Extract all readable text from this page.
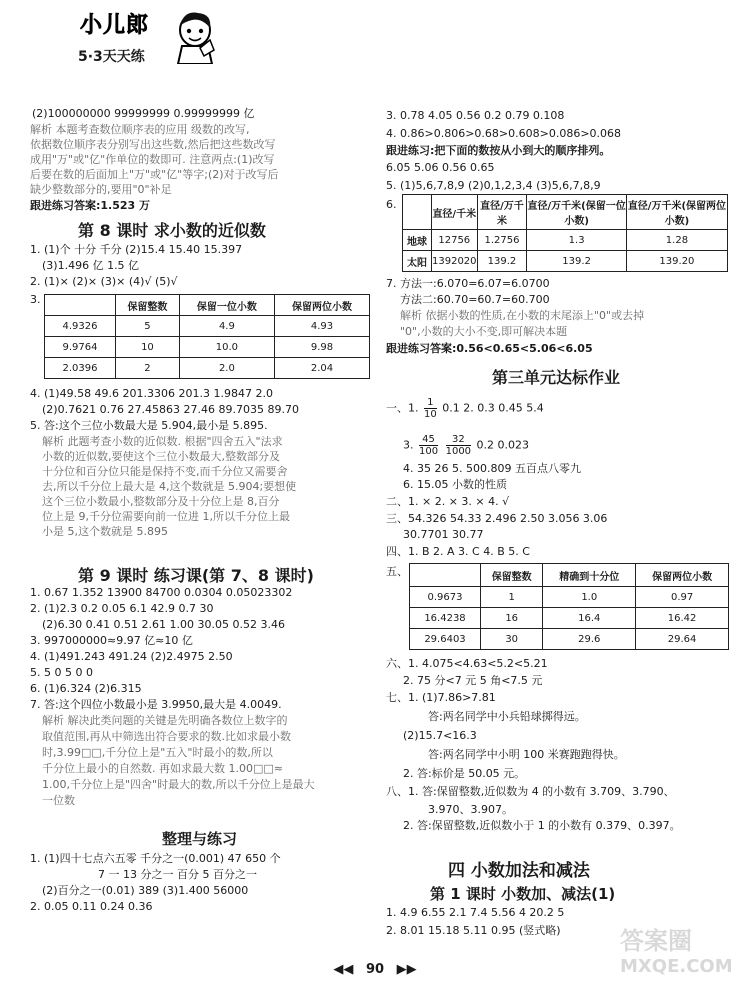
小儿郎
5·3天天练
(2)100000000 99999999 0.99999999 亿
解析 本题考查数位顺序表的应用 级数的改写,
依据数位顺序表分别写出这些数,然后把这些数改写
成用"万"或"亿"作单位的数即可. 注意两点:(1)改写
后要在数的后面加上"万"或"亿"等字;(2)对于改写后
缺少整数部分的,要用"0"补足
跟进练习答案:1.523 万
第 8 课时 求小数的近似数
1. (1)个 十分 千分 (2)15.4 15.40 15.397
(3)1.496 亿 1.5 亿
2. (1)× (2)× (3)× (4)√ (5)√
3.
	保留整数	保留一位小数	保留两位小数
4.9326	5	4.9	4.93
9.9764	10	10.0	9.98
2.0396	2	2.0	2.04
4. (1)49.58 49.6 201.3306 201.3 1.9847 2.0
(2)0.7621 0.76 27.45863 27.46 89.7035 89.70
5. 答:这个三位小数最大是 5.904,最小是 5.895.
解析 此题考查小数的近似数. 根据"四舍五入"法求
小数的近似数,要使这个三位小数最大,整数部分及
十分位和百分位只能是保持不变,而千分位又需要舍
去,所以千分位上最大是 4,这个数就是 5.904;要想使
这个三位小数最小,整数部分及十分位上是 8,百分
位上是 9,千分位需要向前一位进 1,所以千分位上最
小是 5,这个数就是 5.895
第 9 课时 练习课(第 7、8 课时)
1. 0.67 1.352 13900 84700 0.0304 0.05023302
2. (1)2.3 0.2 0.05 6.1 42.9 0.7 30
(2)6.30 0.41 0.51 2.61 1.00 30.05 0.52 3.46
3. 997000000≈9.97 亿≈10 亿
4. (1)491.243 491.24 (2)2.4975 2.50
5. 5 0 5 0 0
6. (1)6.324 (2)6.315
7. 答:这个四位小数最小是 3.9950,最大是 4.0049.
解析 解决此类问题的关键是先明确各数位上数字的
取值范围,再从中筛选出符合要求的数.比如求最小数
时,3.99□□,千分位上是"五入"时最小的数,所以
千分位上最小的自然数. 再如求最大数 1.00□□≈
1.00,千分位上是"四舍"时最大的数,所以千分位上是最大
一位数
整理与练习
1. (1)四十七点六五零 千分之一(0.001) 47 650 个
7 一 13 分之一 百分 5 百分之一
(2)百分之一(0.01) 389 (3)1.400 56000
2. 0.05 0.11 0.24 0.36
3. 0.78 4.05 0.56 0.2 0.79 0.108
4. 0.86>0.806>0.68>0.608>0.086>0.068
跟进练习:把下面的数按从小到大的顺序排列。
6.05 5.06 0.56 0.65
5. (1)5,6,7,8,9 (2)0,1,2,3,4 (3)5,6,7,8,9
6.
	直径/千米	直径/万千米	直径/万千米(保留一位小数)	直径/万千米(保留两位小数)
地球	12756	1.2756	1.3	1.28
太阳	1392020	139.2	139.2	139.20
7. 方法一:6.070=6.07=6.0700
方法二:60.70=60.7=60.700
解析 依据小数的性质,在小数的末尾添上"0"或去掉
"0",小数的大小不变,即可解决本题
跟进练习答案:0.56<0.65<5.06<6.05
第三单元达标作业
一、1. $\frac{1}{10} 0.1$ 2. 0.3 0.45 5.4
3. $\frac{45}{100}$
$\frac{32}{1000} 0.2$ 0.023
4. 35 26 5. 500.809 五百点八零九
6. 15.05 小数的性质
二、1. × 2. × 3. × 4. √
三、54.326 54.33 2.496 2.50 3.056 3.06
30.7701 30.77
四、1. B 2. A 3. C 4. B 5. C
五、
		保留整数	精确到十分位	保留两位小数
0.9673	1	1.0	0.97
16.4238	16	16.4	16.42
29.6403	30	29.6	29.64
六、1. 4.075<4.63<5.2<5.21
2. 75 分<7 元 5 角<7.5 元
七、1. (1)7.86>7.81
答:两名同学中小兵铅球掷得远。
(2)15.7<16.3
答:两名同学中小明 100 米赛跑跑得快。
2. 答:标价是 50.05 元。
八、1. 答:保留整数,近似数为 4 的小数有 3.709、3.790、
3.970、3.907。
2. 答:保留整数,近似数小于 1 的小数有 0.379、0.397。
四 小数加法和减法
第 1 课时 小数加、减法(1)
1. 4.9 6.55 2.1 7.4 5.56 4 20.2 5
2. 8.01 15.18 5.11 0.95 (竖式略) 答案圈
MXQE.COM
◀◀ 90 ▶▶
